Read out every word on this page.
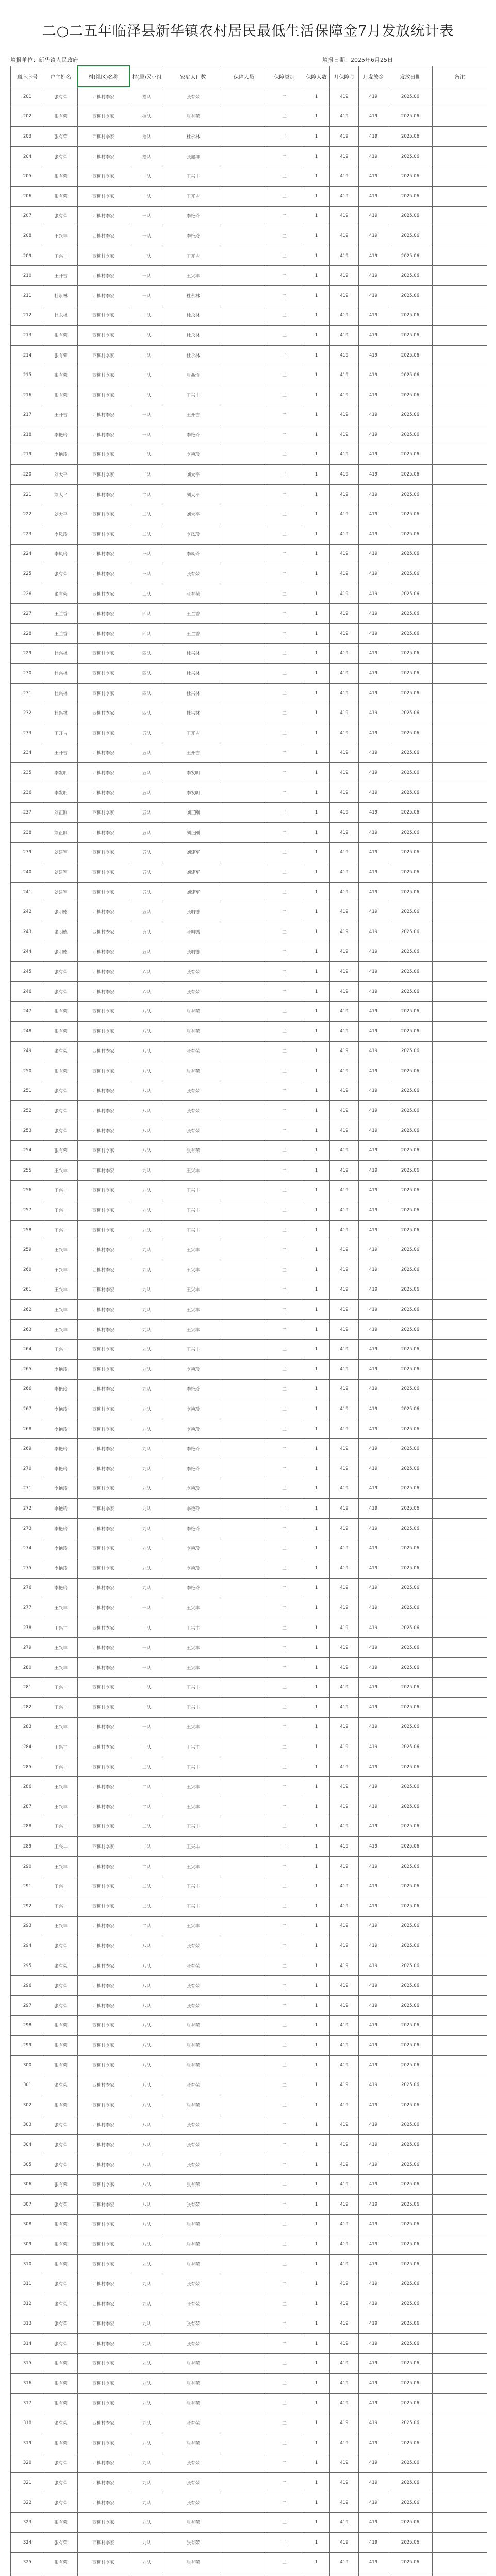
二○二五年临泽县新华镇农村居民最低生活保障金7月发放统计表
填报单位：新华镇人民政府	填报日期：2025年6月25日
顺序序号	户主姓名	村(社区)名称	村(居)民小组	家庭人口数	保障人员	保障类别	保障人数	月保障金	月发放金	发放日期	备注
201	张有荣	西柳村李家	拾队	张有荣		二	1	419	419	2025.06	
202	张有荣	西柳村李家	拾队	张有荣		二	1	419	419	2025.06	
203	张有荣	西柳村李家	拾队	杜永林		二	1	419	419	2025.06	
204	张有荣	西柳村李家	拾队	张鑫洋		二	1	419	419	2025.06	
205	张有荣	西柳村李家	一队	王兴丰		二	1	419	419	2025.06	
206	张有荣	西柳村李家	一队	王开吉		二	1	419	419	2025.06	
207	张有荣	西柳村李家	一队	李艳玲		二	1	419	419	2025.06	
208	王兴丰	西柳村李家	一队	李艳玲		二	1	419	419	2025.06	
209	王兴丰	西柳村李家	一队	王开吉		二	1	419	419	2025.06	
210	王开吉	西柳村李家	一队	王兴丰		二	1	419	419	2025.06	
211	杜永林	西柳村李家	一队	杜永林		二	1	419	419	2025.06	
212	杜永林	西柳村李家	一队	杜永林		二	1	419	419	2025.06	
213	张有荣	西柳村李家	一队	杜永林		二	1	419	419	2025.06	
214	张有荣	西柳村李家	一队	杜永林		二	1	419	419	2025.06	
215	张有荣	西柳村李家	一队	张鑫洋		二	1	419	419	2025.06	
216	张有荣	西柳村李家	一队	王兴丰		二	1	419	419	2025.06	
217	王开吉	西柳村李家	一队	王开吉		二	1	419	419	2025.06	
218	李艳玲	西柳村李家	一队	李艳玲		二	1	419	419	2025.06	
219	李艳玲	西柳村李家	一队	李艳玲		二	1	419	419	2025.06	
220	刘大平	西柳村李家	二队	刘大平		二	1	419	419	2025.06	
221	刘大平	西柳村李家	二队	刘大平		二	1	419	419	2025.06	
222	刘大平	西柳村李家	二队	刘大平		二	1	419	419	2025.06	
223	李凤玲	西柳村李家	二队	李凤玲		二	1	419	419	2025.06	
224	李凤玲	西柳村李家	三队	李凤玲		二	1	419	419	2025.06	
225	张有荣	西柳村李家	三队	张有荣		二	1	419	419	2025.06	
226	张有荣	西柳村李家	三队	张有荣		二	1	419	419	2025.06	
227	王兰香	西柳村李家	四队	王兰香		二	1	419	419	2025.06	
228	王兰香	西柳村李家	四队	王兰香		二	1	419	419	2025.06	
229	杜兴林	西柳村李家	四队	杜兴林		二	1	419	419	2025.06	
230	杜兴林	西柳村李家	四队	杜兴林		二	1	419	419	2025.06	
231	杜兴林	西柳村李家	四队	杜兴林		二	1	419	419	2025.06	
232	杜兴林	西柳村李家	四队	杜兴林		二	1	419	419	2025.06	
233	王开吉	西柳村李家	五队	王开吉		二	1	419	419	2025.06	
234	王开吉	西柳村李家	五队	王开吉		二	1	419	419	2025.06	
235	李发明	西柳村李家	五队	李发明		二	1	419	419	2025.06	
236	李发明	西柳村李家	五队	李发明		二	1	419	419	2025.06	
237	刘正刚	西柳村李家	五队	刘正刚		二	1	419	419	2025.06	
238	刘正刚	西柳村李家	五队	刘正刚		二	1	419	419	2025.06	
239	刘建军	西柳村李家	五队	刘建军		二	1	419	419	2025.06	
240	刘建军	西柳村李家	五队	刘建军		二	1	419	419	2025.06	
241	刘建军	西柳村李家	五队	刘建军		二	1	419	419	2025.06	
242	张明德	西柳村李家	五队	张明德		二	1	419	419	2025.06	
243	张明德	西柳村李家	五队	张明德		二	1	419	419	2025.06	
244	张明德	西柳村李家	五队	张明德		二	1	419	419	2025.06	
245	张有荣	西柳村李家	六队	张有荣		二	1	419	419	2025.06	
246	张有荣	西柳村李家	六队	张有荣		二	1	419	419	2025.06	
247	张有荣	西柳村李家	八队	张有荣		二	1	419	419	2025.06	
248	张有荣	西柳村李家	八队	张有荣		二	1	419	419	2025.06	
249	张有荣	西柳村李家	八队	张有荣		二	1	419	419	2025.06	
250	张有荣	西柳村李家	八队	张有荣		二	1	419	419	2025.06	
251	张有荣	西柳村李家	八队	张有荣		二	1	419	419	2025.06	
252	张有荣	西柳村李家	八队	张有荣		二	1	419	419	2025.06	
253	张有荣	西柳村李家	八队	张有荣		二	1	419	419	2025.06	
254	张有荣	西柳村李家	八队	张有荣		二	1	419	419	2025.06	
255	王兴丰	西柳村李家	九队	王兴丰		二	1	419	419	2025.06	
256	王兴丰	西柳村李家	九队	王兴丰		二	1	419	419	2025.06	
257	王兴丰	西柳村李家	九队	王兴丰		二	1	419	419	2025.06	
258	王兴丰	西柳村李家	九队	王兴丰		二	1	419	419	2025.06	
259	王兴丰	西柳村李家	九队	王兴丰		二	1	419	419	2025.06	
260	王兴丰	西柳村李家	九队	王兴丰		二	1	419	419	2025.06	
261	王兴丰	西柳村李家	九队	王兴丰		二	1	419	419	2025.06	
262	王兴丰	西柳村李家	九队	王兴丰		二	1	419	419	2025.06	
263	王兴丰	西柳村李家	九队	王兴丰		二	1	419	419	2025.06	
264	王兴丰	西柳村李家	九队	王兴丰		二	1	419	419	2025.06	
265	李艳玲	西柳村李家	九队	李艳玲		二	1	419	419	2025.06	
266	李艳玲	西柳村李家	九队	李艳玲		二	1	419	419	2025.06	
267	李艳玲	西柳村李家	九队	李艳玲		二	1	419	419	2025.06	
268	李艳玲	西柳村李家	九队	李艳玲		二	1	419	419	2025.06	
269	李艳玲	西柳村李家	九队	李艳玲		二	1	419	419	2025.06	
270	李艳玲	西柳村李家	九队	李艳玲		二	1	419	419	2025.06	
271	李艳玲	西柳村李家	九队	李艳玲		二	1	419	419	2025.06	
272	李艳玲	西柳村李家	九队	李艳玲		二	1	419	419	2025.06	
273	李艳玲	西柳村李家	九队	李艳玲		二	1	419	419	2025.06	
274	李艳玲	西柳村李家	九队	李艳玲		二	1	419	419	2025.06	
275	李艳玲	西柳村李家	九队	李艳玲		二	1	419	419	2025.06	
276	李艳玲	西柳村李家	九队	李艳玲		二	1	419	419	2025.06	
277	王兴丰	西柳村李家	一队	王兴丰		二	1	419	419	2025.06	
278	王兴丰	西柳村李家	一队	王兴丰		二	1	419	419	2025.06	
279	王兴丰	西柳村李家	一队	王兴丰		二	1	419	419	2025.06	
280	王兴丰	西柳村李家	一队	王兴丰		二	1	419	419	2025.06	
281	王兴丰	西柳村李家	一队	王兴丰		二	1	419	419	2025.06	
282	王兴丰	西柳村李家	一队	王兴丰		二	1	419	419	2025.06	
283	王兴丰	西柳村李家	一队	王兴丰		二	1	419	419	2025.06	
284	王兴丰	西柳村李家	一队	王兴丰		二	1	419	419	2025.06	
285	王兴丰	西柳村李家	二队	王兴丰		二	1	419	419	2025.06	
286	王兴丰	西柳村李家	二队	王兴丰		二	1	419	419	2025.06	
287	王兴丰	西柳村李家	二队	王兴丰		二	1	419	419	2025.06	
288	王兴丰	西柳村李家	二队	王兴丰		二	1	419	419	2025.06	
289	王兴丰	西柳村李家	二队	王兴丰		二	1	419	419	2025.06	
290	王兴丰	西柳村李家	二队	王兴丰		二	1	419	419	2025.06	
291	王兴丰	西柳村李家	二队	王兴丰		二	1	419	419	2025.06	
292	王兴丰	西柳村李家	二队	王兴丰		二	1	419	419	2025.06	
293	王兴丰	西柳村李家	二队	王兴丰		二	1	419	419	2025.06	
294	张有荣	西柳村李家	八队	张有荣		二	1	419	419	2025.06	
295	张有荣	西柳村李家	八队	张有荣		二	1	419	419	2025.06	
296	张有荣	西柳村李家	八队	张有荣		二	1	419	419	2025.06	
297	张有荣	西柳村李家	八队	张有荣		二	1	419	419	2025.06	
298	张有荣	西柳村李家	八队	张有荣		二	1	419	419	2025.06	
299	张有荣	西柳村李家	八队	张有荣		二	1	419	419	2025.06	
300	张有荣	西柳村李家	八队	张有荣		二	1	419	419	2025.06	
301	张有荣	西柳村李家	八队	张有荣		二	1	419	419	2025.06	
302	张有荣	西柳村李家	八队	张有荣		二	1	419	419	2025.06	
303	张有荣	西柳村李家	八队	张有荣		二	1	419	419	2025.06	
304	张有荣	西柳村李家	八队	张有荣		二	1	419	419	2025.06	
305	张有荣	西柳村李家	八队	张有荣		二	1	419	419	2025.06	
306	张有荣	西柳村李家	八队	张有荣		二	1	419	419	2025.06	
307	张有荣	西柳村李家	八队	张有荣		二	1	419	419	2025.06	
308	张有荣	西柳村李家	八队	张有荣		二	1	419	419	2025.06	
309	张有荣	西柳村李家	八队	张有荣		二	1	419	419	2025.06	
310	张有荣	西柳村李家	九队	张有荣		二	1	419	419	2025.06	
311	张有荣	西柳村李家	九队	张有荣		二	1	419	419	2025.06	
312	张有荣	西柳村李家	九队	张有荣		二	1	419	419	2025.06	
313	张有荣	西柳村李家	九队	张有荣		二	1	419	419	2025.06	
314	张有荣	西柳村李家	九队	张有荣		二	1	419	419	2025.06	
315	张有荣	西柳村李家	九队	张有荣		二	1	419	419	2025.06	
316	张有荣	西柳村李家	九队	张有荣		二	1	419	419	2025.06	
317	张有荣	西柳村李家	九队	张有荣		二	1	419	419	2025.06	
318	张有荣	西柳村李家	九队	张有荣		二	1	419	419	2025.06	
319	张有荣	西柳村李家	九队	张有荣		二	1	419	419	2025.06	
320	张有荣	西柳村李家	九队	张有荣		二	1	419	419	2025.06	
321	张有荣	西柳村李家	九队	张有荣		二	1	419	419	2025.06	
322	张有荣	西柳村李家	九队	张有荣		二	1	419	419	2025.06	
323	张有荣	西柳村李家	九队	张有荣		二	1	419	419	2025.06	
324	张有荣	西柳村李家	九队	张有荣		二	1	419	419	2025.06	
325	张有荣	西柳村李家	九队	张有荣		二	1	419	419	2025.06	
